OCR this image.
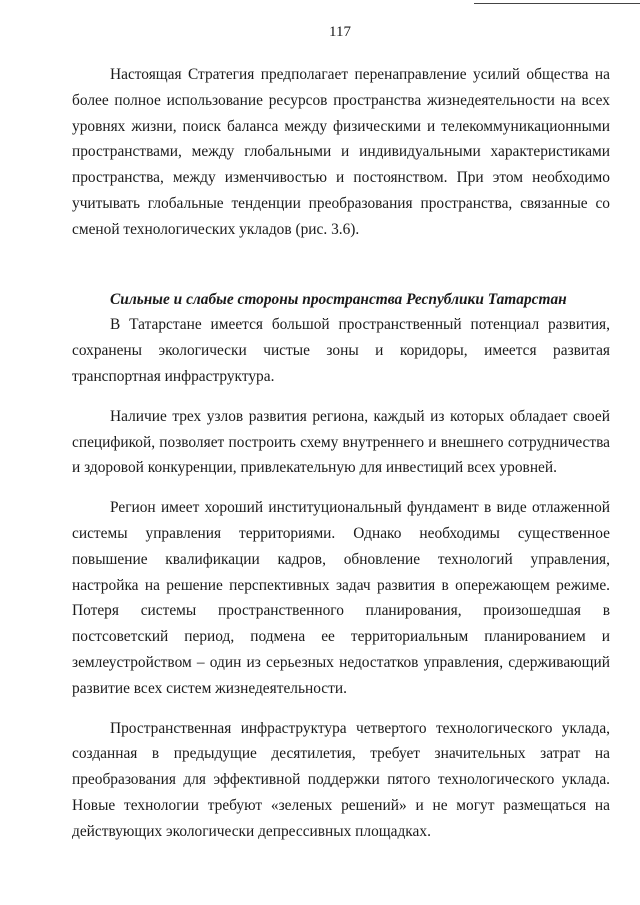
117

Настоящая Стратегия предполагает перенаправление усилий общества на более полное использование ресурсов пространства жизнедеятельности на всех уровнях жизни, поиск баланса между физическими и телекоммуникационными пространствами, между глобальными и индивидуальными характеристиками пространства, между изменчивостью и постоянством. При этом необходимо учитывать глобальные тенденции преобразования пространства, связанные со сменой технологических укладов (рис. 3.6).

Сильные и слабые стороны пространства Республики Татарстан

В Татарстане имеется большой пространственный потенциал развития, сохранены экологически чистые зоны и коридоры, имеется развитая транспортная инфраструктура.

Наличие трех узлов развития региона, каждый из которых обладает своей спецификой, позволяет построить схему внутреннего и внешнего сотрудничества и здоровой конкуренции, привлекательную для инвестиций всех уровней.

Регион имеет хороший институциональный фундамент в виде отлаженной системы управления территориями. Однако необходимы существенное повышение квалификации кадров, обновление технологий управления, настройка на решение перспективных задач развития в опережающем режиме. Потеря системы пространственного планирования, произошедшая в постсоветский период, подмена ее территориальным планированием и землеустройством – один из серьезных недостатков управления, сдерживающий развитие всех систем жизнедеятельности.

Пространственная инфраструктура четвертого технологического уклада, созданная в предыдущие десятилетия, требует значительных затрат на преобразования для эффективной поддержки пятого технологического уклада. Новые технологии требуют «зеленых решений» и не могут размещаться на действующих экологически депрессивных площадках.
